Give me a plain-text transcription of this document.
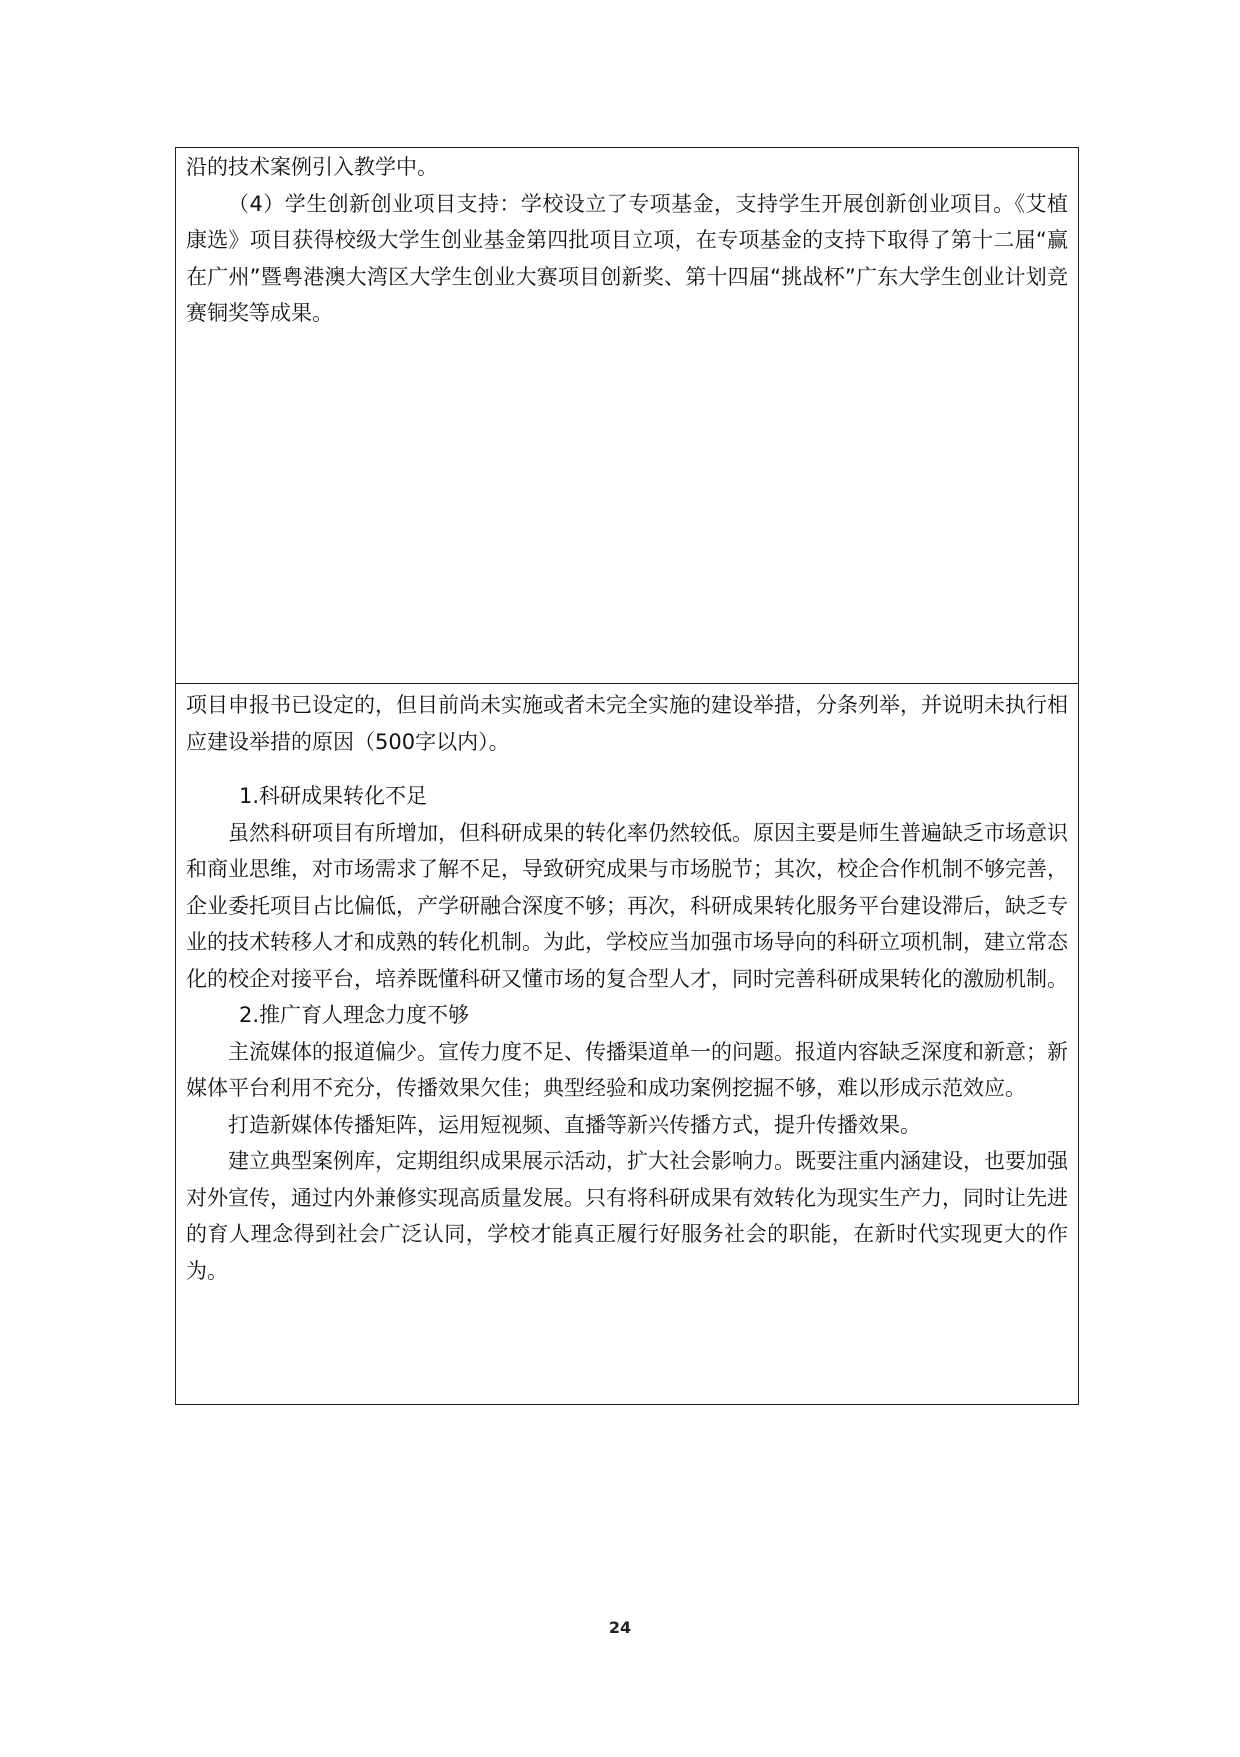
沿的技术案例引入教学中。

（4）学生创新创业项目支持：学校设立了专项基金，支持学生开展创新创业项目。《艾植康选》项目获得校级大学生创业基金第四批项目立项，在专项基金的支持下取得了第十二届“赢在广州”暨粤港澳大湾区大学生创业大赛项目创新奖、第十四届“挑战杯”广东大学生创业计划竞赛铜奖等成果。

项目申报书已设定的，但目前尚未实施或者未完全实施的建设举措，分条列举，并说明未执行相应建设举措的原因（500字以内）。

1.科研成果转化不足

虽然科研项目有所增加，但科研成果的转化率仍然较低。原因主要是师生普遍缺乏市场意识和商业思维，对市场需求了解不足，导致研究成果与市场脱节；其次，校企合作机制不够完善，企业委托项目占比偏低，产学研融合深度不够；再次，科研成果转化服务平台建设滞后，缺乏专业的技术转移人才和成熟的转化机制。为此，学校应当加强市场导向的科研立项机制，建立常态化的校企对接平台，培养既懂科研又懂市场的复合型人才，同时完善科研成果转化的激励机制。

2.推广育人理念力度不够

主流媒体的报道偏少。宣传力度不足、传播渠道单一的问题。报道内容缺乏深度和新意；新媒体平台利用不充分，传播效果欠佳；典型经验和成功案例挖掘不够，难以形成示范效应。

打造新媒体传播矩阵，运用短视频、直播等新兴传播方式，提升传播效果。

建立典型案例库，定期组织成果展示活动，扩大社会影响力。既要注重内涵建设，也要加强对外宣传，通过内外兼修实现高质量发展。只有将科研成果有效转化为现实生产力，同时让先进的育人理念得到社会广泛认同，学校才能真正履行好服务社会的职能，在新时代实现更大的作为。

24
